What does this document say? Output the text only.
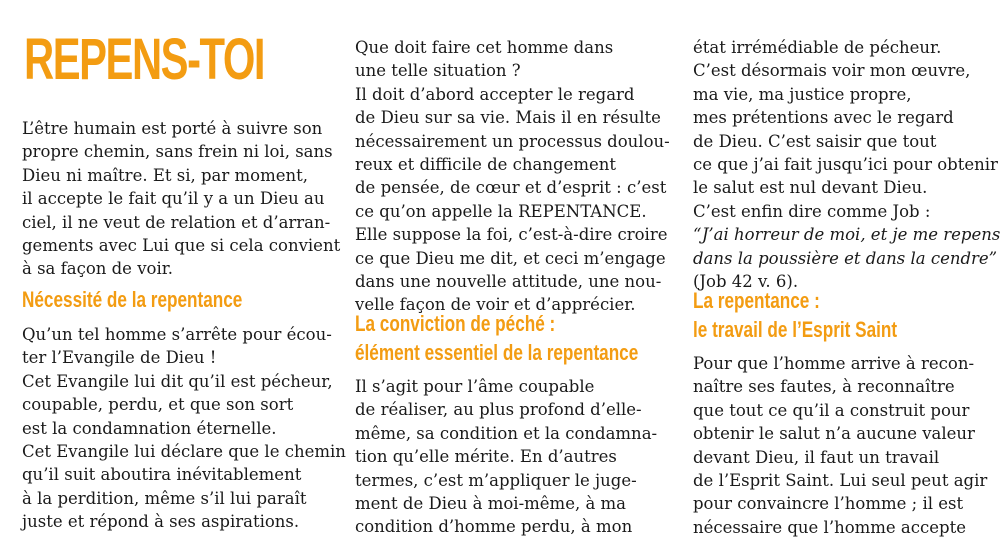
REPENS-TOI
L’être humain est porté à suivre son
propre chemin, sans frein ni loi, sans
Dieu ni maître. Et si, par moment,
il accepte le fait qu’il y a un Dieu au
ciel, il ne veut de relation et d’arran-
gements avec Lui que si cela convient
à sa façon de voir.
Nécessité de la repentance
Qu’un tel homme s’arrête pour écou-
ter l’Evangile de Dieu !
Cet Evangile lui dit qu’il est pécheur,
coupable, perdu, et que son sort
est la condamnation éternelle.
Cet Evangile lui déclare que le chemin
qu’il suit aboutira inévitablement
à la perdition, même s’il lui paraît
juste et répond à ses aspirations.
Que doit faire cet homme dans
une telle situation ?
Il doit d’abord accepter le regard
de Dieu sur sa vie. Mais il en résulte
nécessairement un processus doulou-
reux et difficile de changement
de pensée, de cœur et d’esprit : c’est
ce qu’on appelle la REPENTANCE.
Elle suppose la foi, c’est-à-dire croire
ce que Dieu me dit, et ceci m’engage
dans une nouvelle attitude, une nou-
velle façon de voir et d’apprécier.
La conviction de péché :
élément essentiel de la repentance
Il s’agit pour l’âme coupable
de réaliser, au plus profond d’elle-
même, sa condition et la condamna-
tion qu’elle mérite. En d’autres
termes, c’est m’appliquer le juge-
ment de Dieu à moi-même, à ma
condition d’homme perdu, à mon
état irrémédiable de pécheur.
C’est désormais voir mon œuvre,
ma vie, ma justice propre,
mes prétentions avec le regard
de Dieu. C’est saisir que tout
ce que j’ai fait jusqu’ici pour obtenir
le salut est nul devant Dieu.
C’est enfin dire comme Job :
“J’ai horreur de moi, et je me repens
dans la poussière et dans la cendre”
(Job 42 v. 6).
La repentance :
le travail de l’Esprit Saint
Pour que l’homme arrive à recon-
naître ses fautes, à reconnaître
que tout ce qu’il a construit pour
obtenir le salut n’a aucune valeur
devant Dieu, il faut un travail
de l’Esprit Saint. Lui seul peut agir
pour convaincre l’homme ; il est
nécessaire que l’homme accepte
